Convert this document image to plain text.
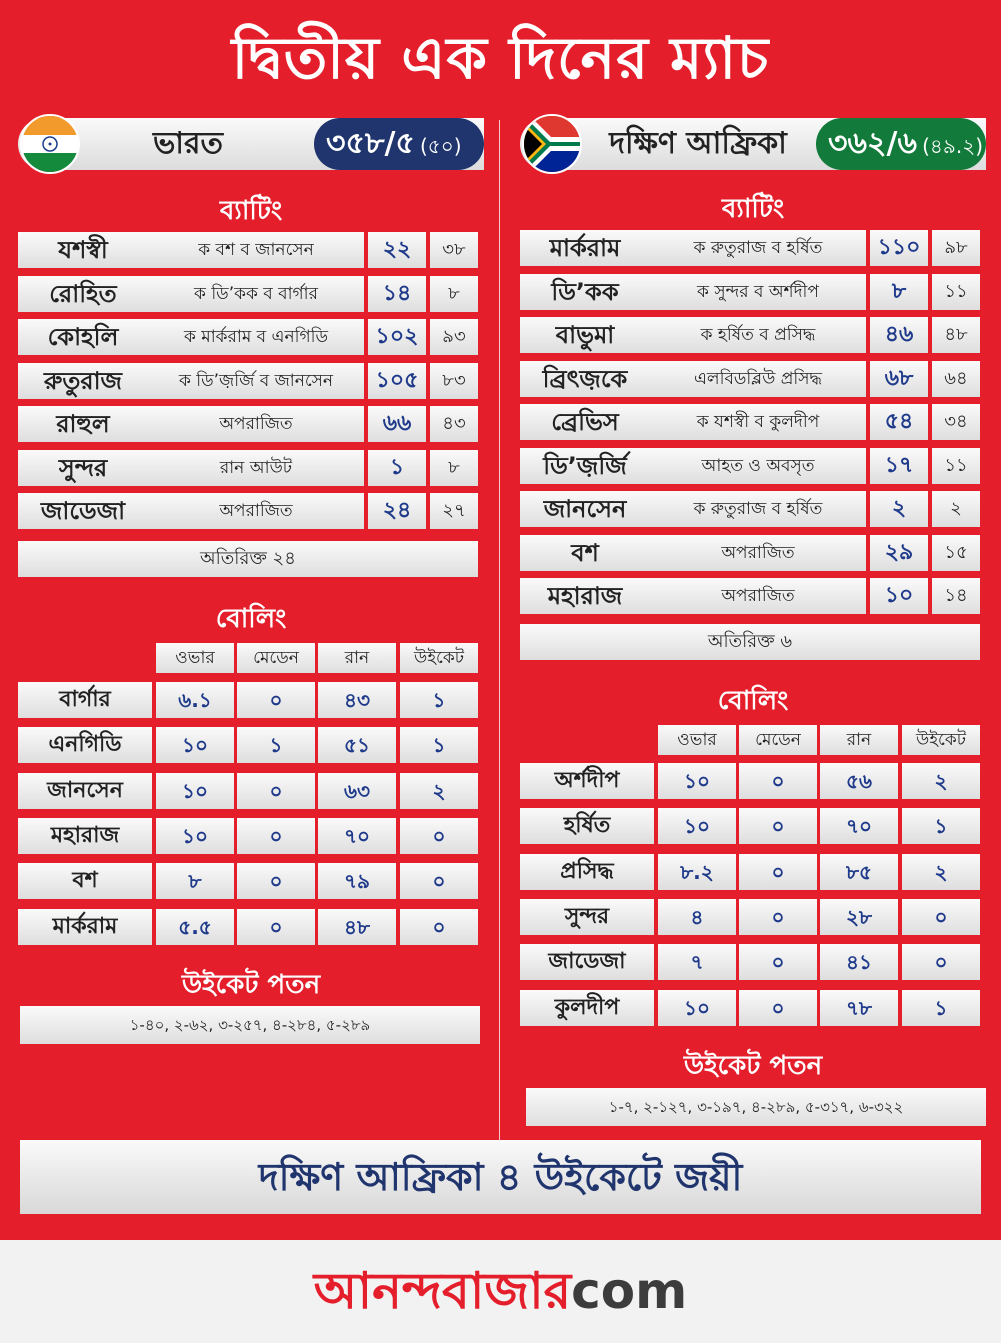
দ্বিতীয় এক দিনের ম্যাচ
ভারত	৩৫৮/৫ (৫০)
ব্যাটিং
যশস্বী	ক বশ ব জানসেন	২২	৩৮
রোহিত	ক ডি’কক ব বার্গার	১৪	৮
কোহলি	ক মার্করাম ব এনগিডি	১০২	৯৩
রুতুরাজ	ক ডি’জ়র্জি ব জানসেন	১০৫	৮৩
রাহুল	অপরাজিত	৬৬	৪৩
সুন্দর	রান আউট	১	৮
জাডেজা	অপরাজিত	২৪	২৭
অতিরিক্ত ২৪
বোলিং
ওভার	মেডেন	রান	উইকেট
বার্গার	৬.১	০	৪৩	১
এনগিডি	১০	১	৫১	১
জানসেন	১০	০	৬৩	২
মহারাজ	১০	০	৭০	০
বশ	৮	০	৭৯	০
মার্করাম	৫.৫	০	৪৮	০
উইকেট পতন
১-৪০, ২-৬২, ৩-২৫৭, ৪-২৮৪, ৫-২৮৯
দক্ষিণ আফ্রিকা	৩৬২/৬ (৪৯.২)
ব্যাটিং
মার্করাম	ক রুতুরাজ ব হর্ষিত	১১০	৯৮
ডি’কক	ক সুন্দর ব অর্শদীপ	৮	১১
বাভুমা	ক হর্ষিত ব প্রসিদ্ধ	৪৬	৪৮
ব্রিৎজ়কে	এলবিডব্লিউ প্রসিদ্ধ	৬৮	৬৪
ব্রেভিস	ক যশস্বী ব কুলদীপ	৫৪	৩৪
ডি’জ়র্জি	আহত ও অবসৃত	১৭	১১
জানসেন	ক রুতুরাজ ব হর্ষিত	২	২
বশ	অপরাজিত	২৯	১৫
মহারাজ	অপরাজিত	১০	১৪
অতিরিক্ত ৬
বোলিং
ওভার	মেডেন	রান	উইকেট
অর্শদীপ	১০	০	৫৬	২
হর্ষিত	১০	০	৭০	১
প্রসিদ্ধ	৮.২	০	৮৫	২
সুন্দর	৪	০	২৮	০
জাডেজা	৭	০	৪১	০
কুলদীপ	১০	০	৭৮	১
উইকেট পতন
১-৭, ২-১২৭, ৩-১৯৭, ৪-২৮৯, ৫-৩১৭, ৬-৩২২
দক্ষিণ আফ্রিকা ৪ উইকেটে জয়ী
আনন্দবাজারcom
